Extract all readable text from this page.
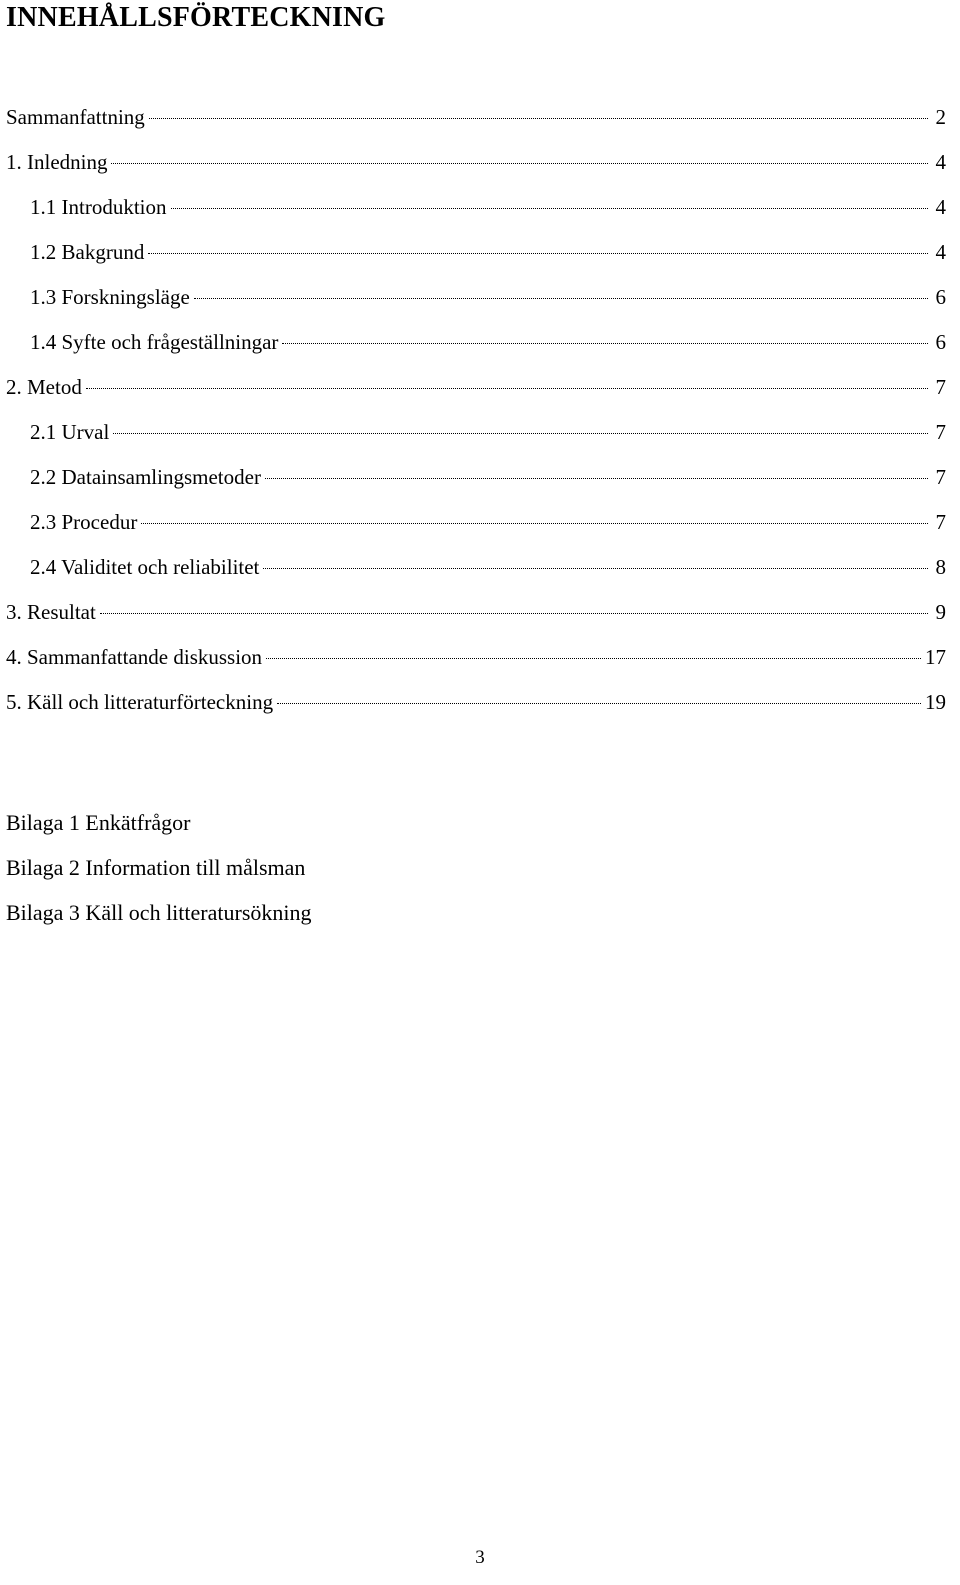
INNEHÅLLSFÖRTECKNING
Sammanfattning	2
1. Inledning	4
1.1 Introduktion	4
1.2 Bakgrund	4
1.3 Forskningsläge	6
1.4 Syfte och frågeställningar	6
2. Metod	7
2.1 Urval	7
2.2 Datainsamlingsmetoder	7
2.3 Procedur	7
2.4 Validitet och reliabilitet	8
3. Resultat	9
4. Sammanfattande diskussion	17
5. Käll och litteraturförteckning	19
Bilaga 1 Enkätfrågor
Bilaga 2 Information till målsman
Bilaga 3 Käll och litteratursökning
3
